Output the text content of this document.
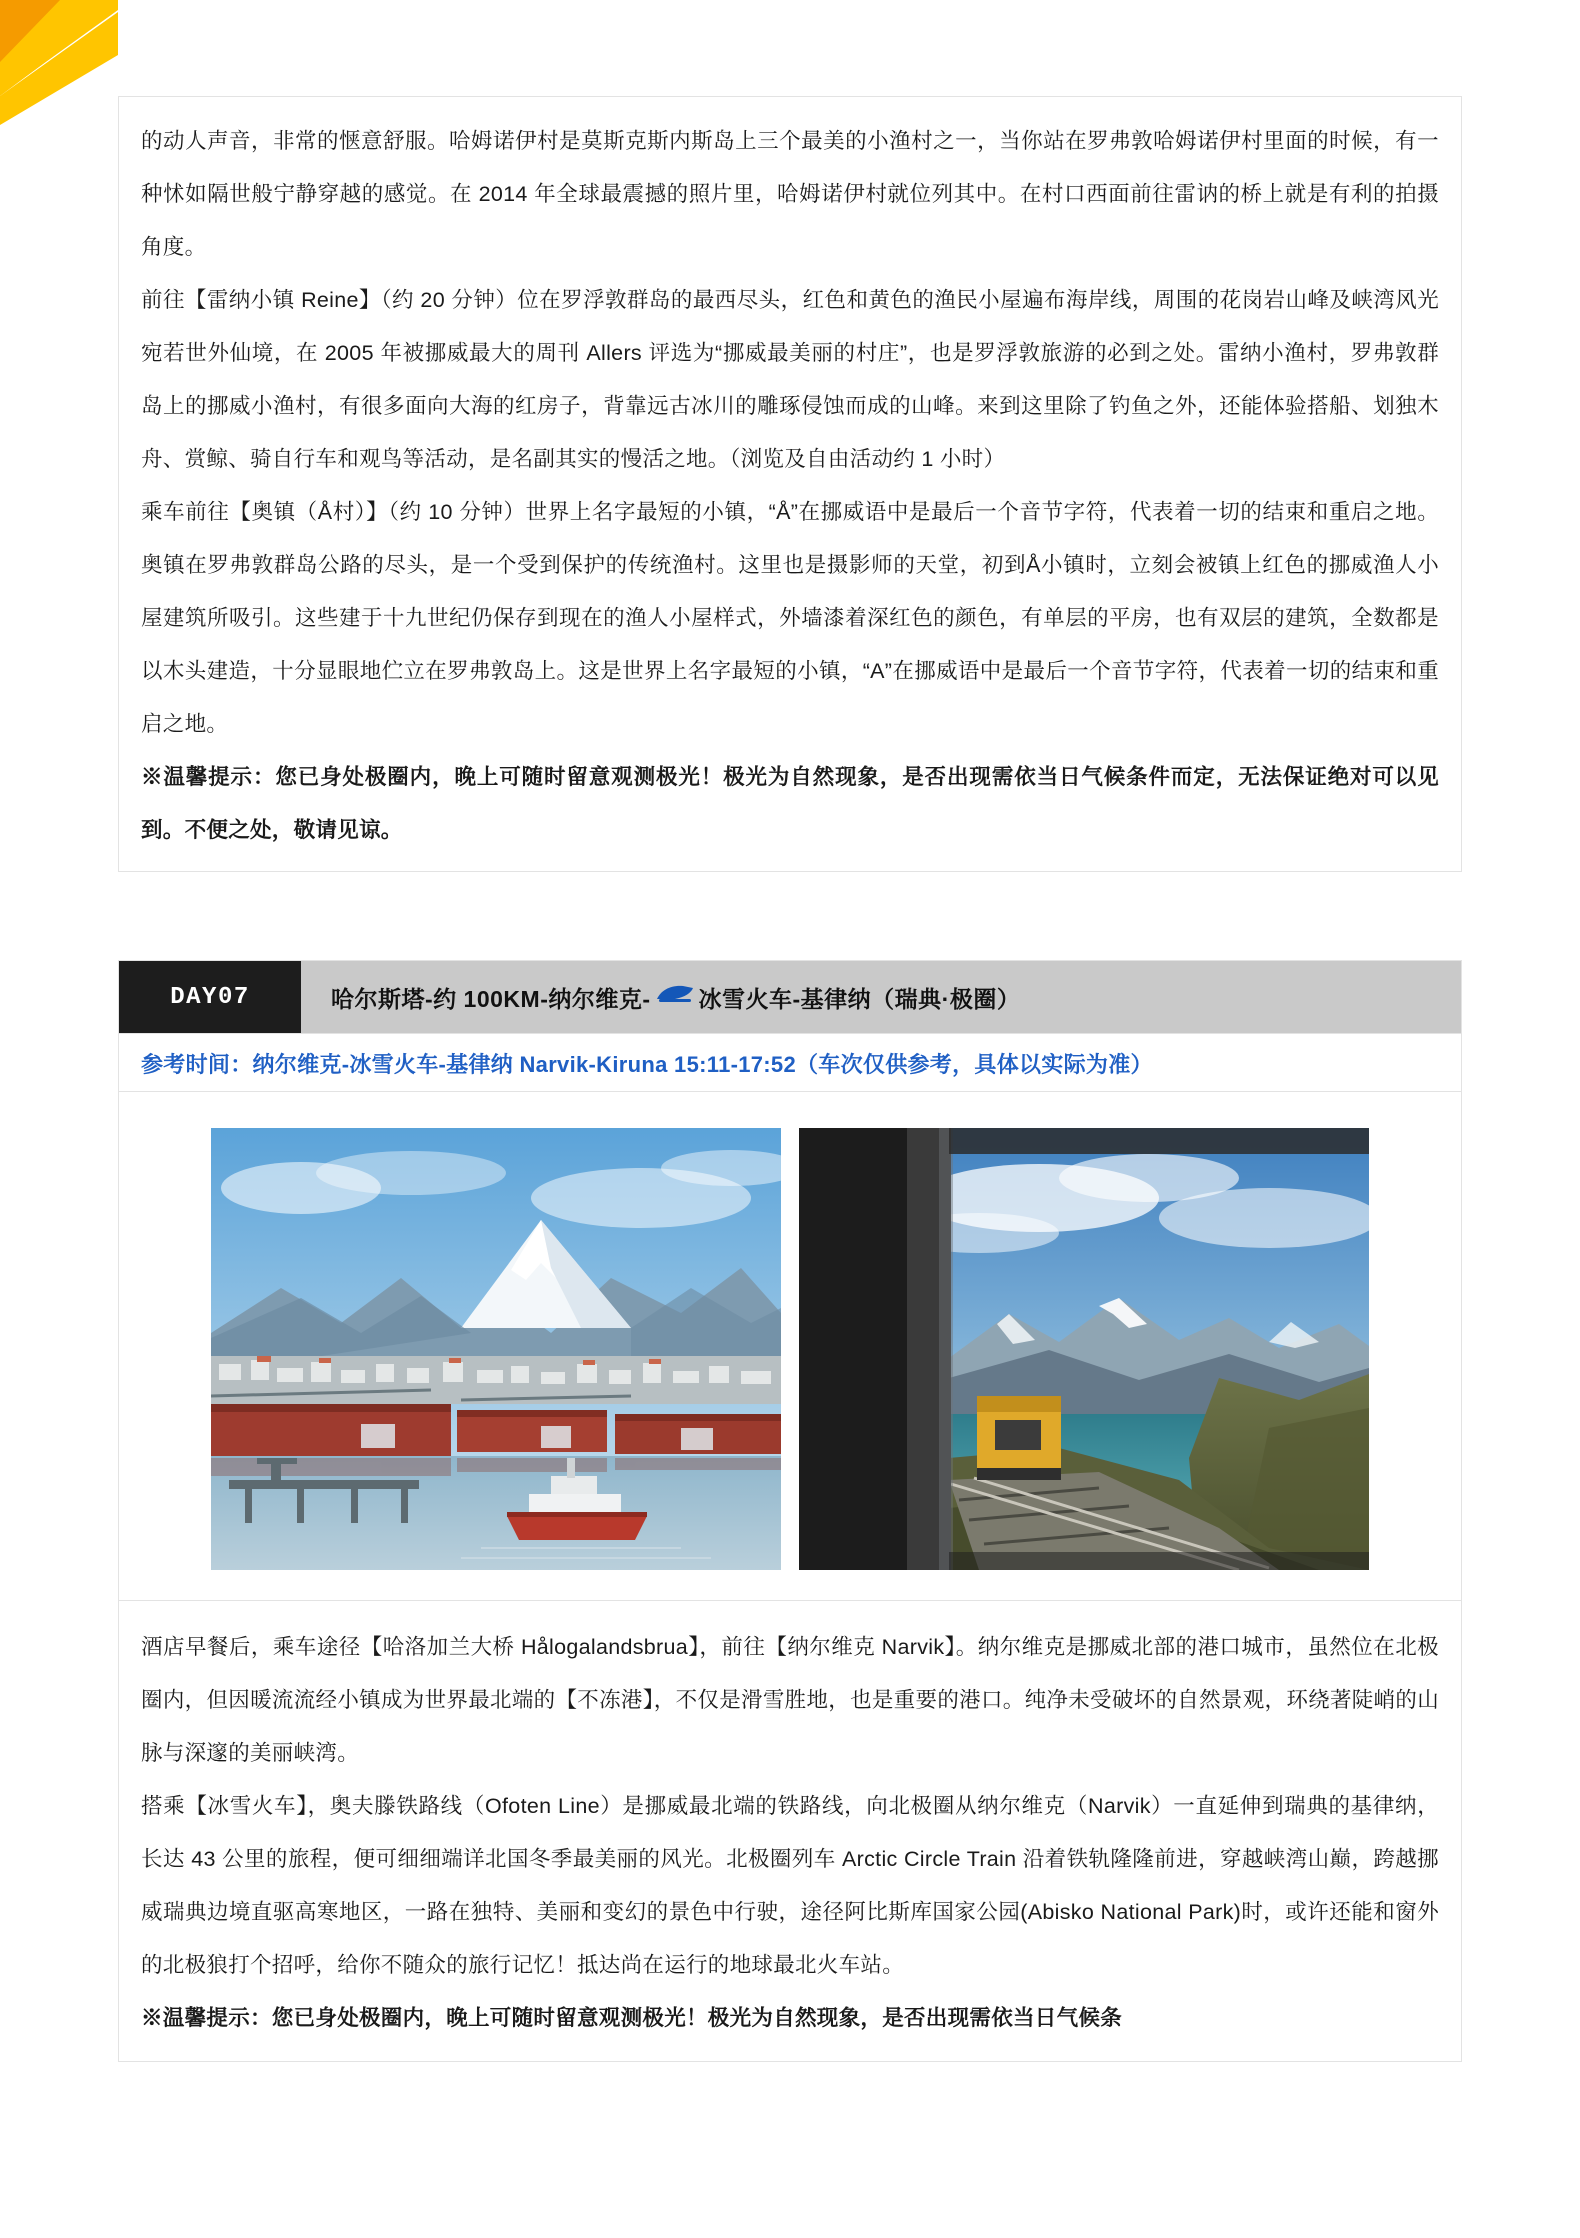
的动人声音，非常的惬意舒服。哈姆诺伊村是莫斯克斯内斯岛上三个最美的小渔村之一，当你站在罗弗敦哈姆诺伊村里面的时候，有一种怵如隔世般宁静穿越的感觉。在 2014 年全球最震撼的照片里，哈姆诺伊村就位列其中。在村口西面前往雷讷的桥上就是有利的拍摄角度。

前往【雷纳小镇 Reine】（约 20 分钟）位在罗浮敦群岛的最西尽头，红色和黄色的渔民小屋遍布海岸线，周围的花岗岩山峰及峡湾风光宛若世外仙境，在 2005 年被挪威最大的周刊 Allers 评选为“挪威最美丽的村庄”，也是罗浮敦旅游的必到之处。雷纳小渔村，罗弗敦群岛上的挪威小渔村，有很多面向大海的红房子，背靠远古冰川的雕琢侵蚀而成的山峰。来到这里除了钓鱼之外，还能体验搭船、划独木舟、赏鲸、骑自行车和观鸟等活动，是名副其实的慢活之地。（浏览及自由活动约 1 小时）

乘车前往【奥镇（Å村）】（约 10 分钟）世界上名字最短的小镇，“Å”在挪威语中是最后一个音节字符，代表着一切的结束和重启之地。奥镇在罗弗敦群岛公路的尽头，是一个受到保护的传统渔村。这里也是摄影师的天堂，初到Å小镇时，立刻会被镇上红色的挪威渔人小屋建筑所吸引。这些建于十九世纪仍保存到现在的渔人小屋样式，外墙漆着深红色的颜色，有单层的平房，也有双层的建筑，全数都是以木头建造，十分显眼地伫立在罗弗敦岛上。这是世界上名字最短的小镇，“A”在挪威语中是最后一个音节字符，代表着一切的结束和重启之地。

※温馨提示：您已身处极圈内，晚上可随时留意观测极光！极光为自然现象，是否出现需依当日气候条件而定，无法保证绝对可以见到。不便之处，敬请见谅。

DAY07	哈尔斯塔-约 100KM-纳尔维克- 冰雪火车-基律纳（瑞典·极圈）
参考时间：纳尔维克-冰雪火车-基律纳 Narvik-Kiruna 15:11-17:52（车次仅供参考，具体以实际为准）

酒店早餐后，乘车途径【哈洛加兰大桥 Hålogalandsbrua】，前往【纳尔维克 Narvik】。纳尔维克是挪威北部的港口城市，虽然位在北极圈内，但因暖流流经小镇成为世界最北端的【不冻港】，不仅是滑雪胜地，也是重要的港口。纯净未受破坏的自然景观，环绕著陡峭的山脉与深邃的美丽峡湾。

搭乘【冰雪火车】，奥夫滕铁路线（Ofoten Line）是挪威最北端的铁路线，向北极圈从纳尔维克（Narvik）一直延伸到瑞典的基律纳，长达 43 公里的旅程，便可细细端详北国冬季最美丽的风光。北极圈列车 Arctic Circle Train 沿着铁轨隆隆前进，穿越峡湾山巅，跨越挪威瑞典边境直驱高寒地区，一路在独特、美丽和变幻的景色中行驶，途径阿比斯库国家公园(Abisko National Park)时，或许还能和窗外的北极狼打个招呼，给你不随众的旅行记忆！抵达尚在运行的地球最北火车站。

※温馨提示：您已身处极圈内，晚上可随时留意观测极光！极光为自然现象，是否出现需依当日气候条
